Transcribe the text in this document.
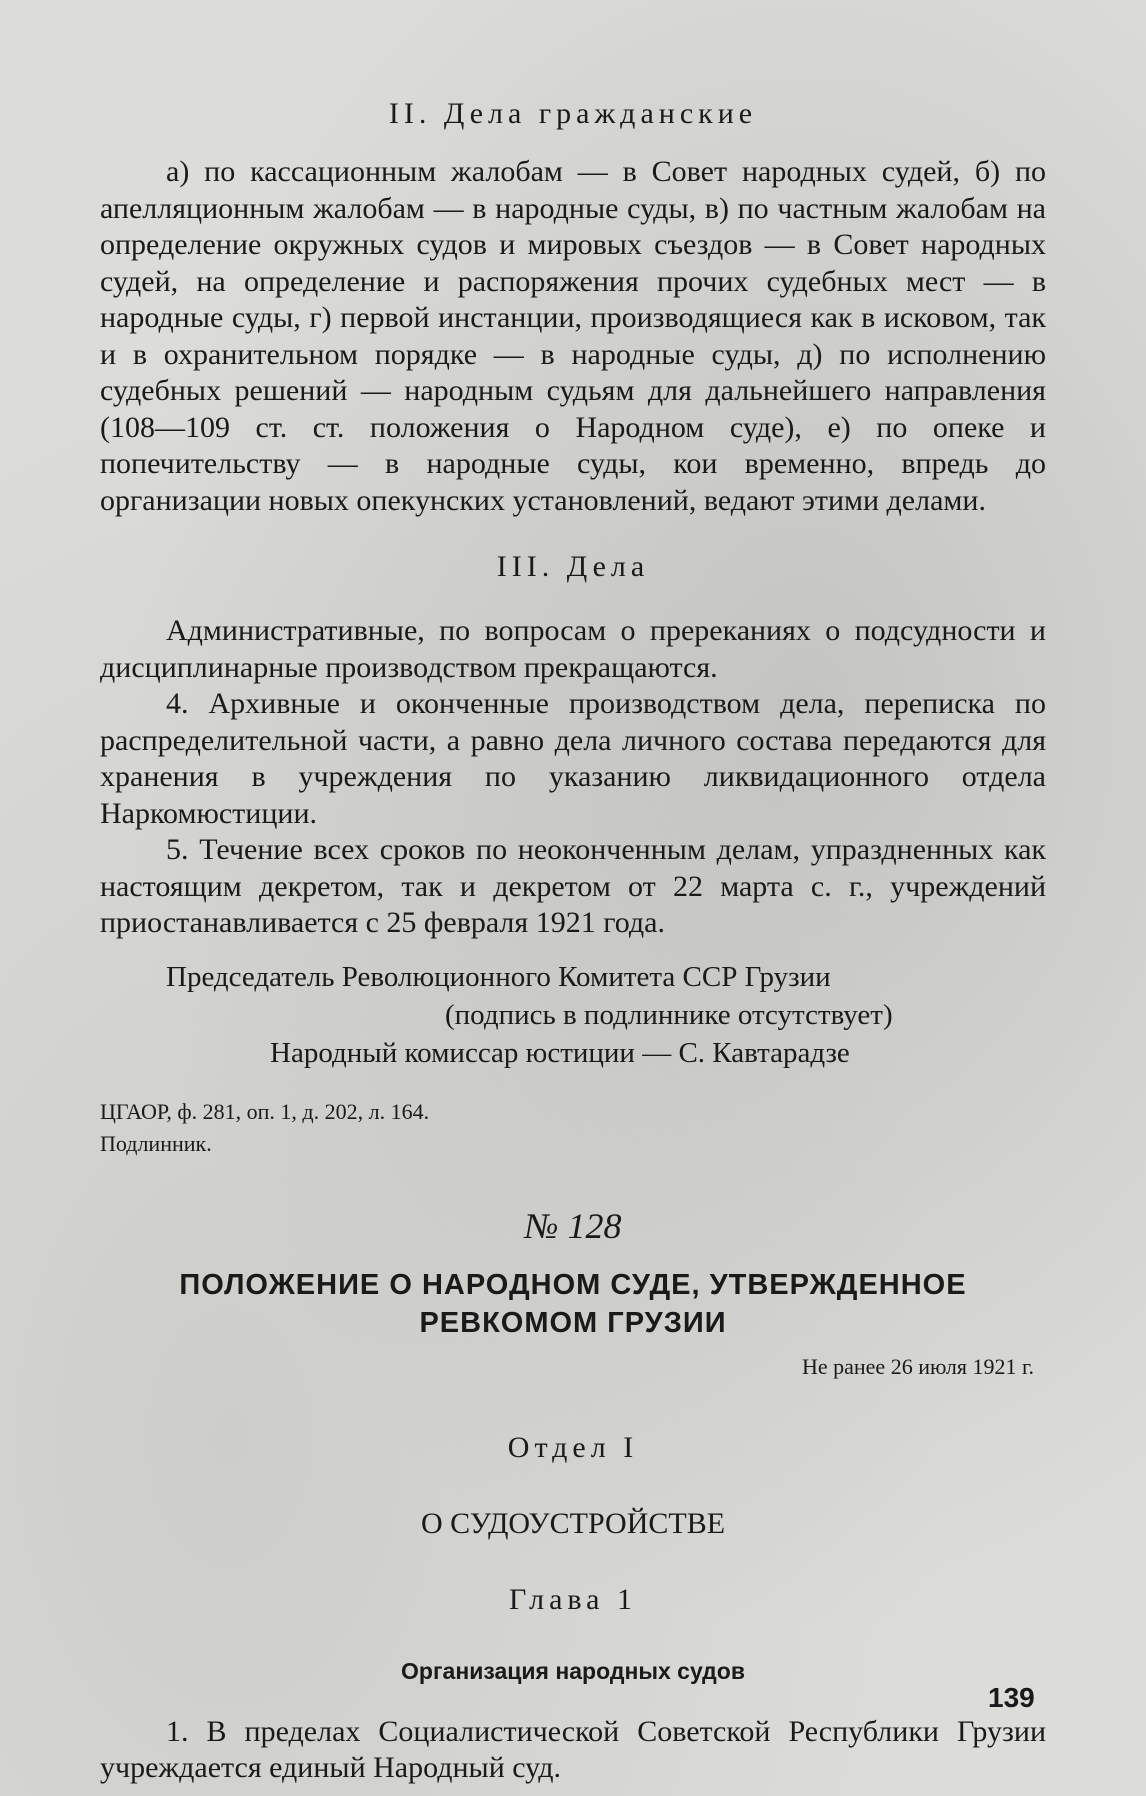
II. Дела гражданские

а) по кассационным жалобам — в Совет народных судей, б) по апелляционным жалобам — в народные суды, в) по частным жалобам на определение окружных судов и мировых съездов — в Совет народных судей, на определение и распоряжения прочих судебных мест — в народные суды, г) первой инстанции, производящиеся как в исковом, так и в охранительном порядке — в народные суды, д) по исполнению судебных решений — народным судьям для дальнейшего направления (108—109 ст. ст. положения о Народном суде), е) по опеке и попечительству — в народные суды, кои временно, впредь до организации новых опекунских установлений, ведают этими делами.

III. Дела

Административные, по вопросам о пререканиях о подсудности и дисциплинарные производством прекращаются.

4. Архивные и оконченные производством дела, переписка по распределительной части, а равно дела личного состава передаются для хранения в учреждения по указанию ликвидационного отдела Наркомюстиции.

5. Течение всех сроков по неоконченным делам, упраздненных как настоящим декретом, так и декретом от 22 марта с. г., учреждений приостанавливается с 25 февраля 1921 года.

Председатель Революционного Комитета ССР Грузии

(подпись в подлиннике отсутствует)

Народный комиссар юстиции — С. Кавтарадзе

ЦГАОР, ф. 281, оп. 1, д. 202, л. 164.

Подлинник.

№ 128

ПОЛОЖЕНИЕ О НАРОДНОМ СУДЕ, УТВЕРЖДЕННОЕ

РЕВКОМОМ ГРУЗИИ

Не ранее 26 июля 1921 г.

Отдел I

О СУДОУСТРОЙСТВЕ

Глава 1

Организация народных судов

1. В пределах Социалистической Советской Республики Грузии учреждается единый Народный суд.

139
